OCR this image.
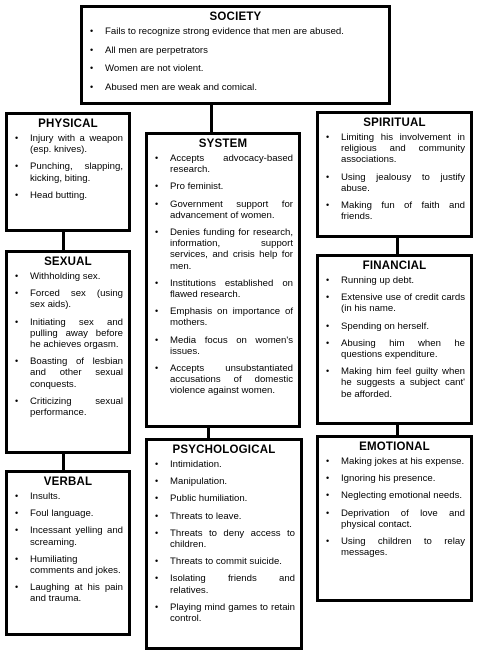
SOCIETY
• Fails to recognize strong evidence that men are abused.
• All men are perpetrators
• Women are not violent.
• Abused men are weak and comical.
PHYSICAL
• Injury with a weapon (esp. knives).
• Punching, slapping, kicking, biting.
• Head butting.
SYSTEM
• Accepts advocacy-based research.
• Pro feminist.
• Government support for advancement of women.
• Denies funding for research, information, support services, and crisis help for men.
• Institutions established on flawed research.
• Emphasis on importance of mothers.
• Media focus on women's issues.
• Accepts unsubstantiated accusations of domestic violence against women.
SPIRITUAL
• Limiting his involvement in religious and community associations.
• Using jealousy to justify abuse.
• Making fun of faith and friends.
SEXUAL
• Withholding sex.
• Forced sex (using sex aids).
• Initiating sex and pulling away before he achieves orgasm.
• Boasting of lesbian and other sexual conquests.
• Criticizing sexual performance.
FINANCIAL
• Running up debt.
• Extensive use of credit cards (in his name.
• Spending on herself.
• Abusing him when he questions expenditure.
• Making him feel guilty when he suggests a subject cant' be afforded.
VERBAL
• Insults.
• Foul language.
• Incessant yelling and screaming.
• Humiliating comments and jokes.
• Laughing at his pain and trauma.
PSYCHOLOGICAL
• Intimidation.
• Manipulation.
• Public humiliation.
• Threats to leave.
• Threats to deny access to children.
• Threats to commit suicide.
• Isolating friends and relatives.
• Playing mind games to retain control.
EMOTIONAL
• Making jokes at his expense.
• Ignoring his presence.
• Neglecting emotional needs.
• Deprivation of love and physical contact.
• Using children to relay messages.
